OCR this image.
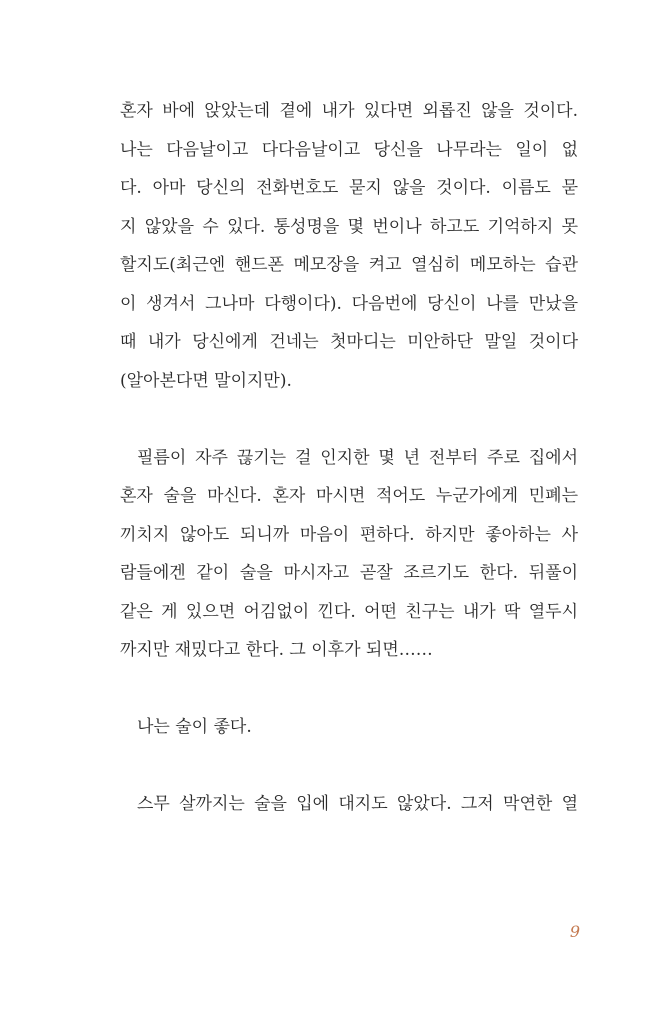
혼자 바에 앉았는데 곁에 내가 있다면 외롭진 않을 것이다.
나는 다음날이고 다다음날이고 당신을 나무라는 일이 없
다. 아마 당신의 전화번호도 묻지 않을 것이다. 이름도 묻
지 않았을 수 있다. 통성명을 몇 번이나 하고도 기억하지 못
할지도(최근엔 핸드폰 메모장을 켜고 열심히 메모하는 습관
이 생겨서 그나마 다행이다). 다음번에 당신이 나를 만났을
때 내가 당신에게 건네는 첫마디는 미안하단 말일 것이다
(알아본다면 말이지만).
필름이 자주 끊기는 걸 인지한 몇 년 전부터 주로 집에서
혼자 술을 마신다. 혼자 마시면 적어도 누군가에게 민폐는
끼치지 않아도 되니까 마음이 편하다. 하지만 좋아하는 사
람들에겐 같이 술을 마시자고 곧잘 조르기도 한다. 뒤풀이
같은 게 있으면 어김없이 낀다. 어떤 친구는 내가 딱 열두시
까지만 재밌다고 한다. 그 이후가 되면……
나는 술이 좋다.
스무 살까지는 술을 입에 대지도 않았다. 그저 막연한 열
9
